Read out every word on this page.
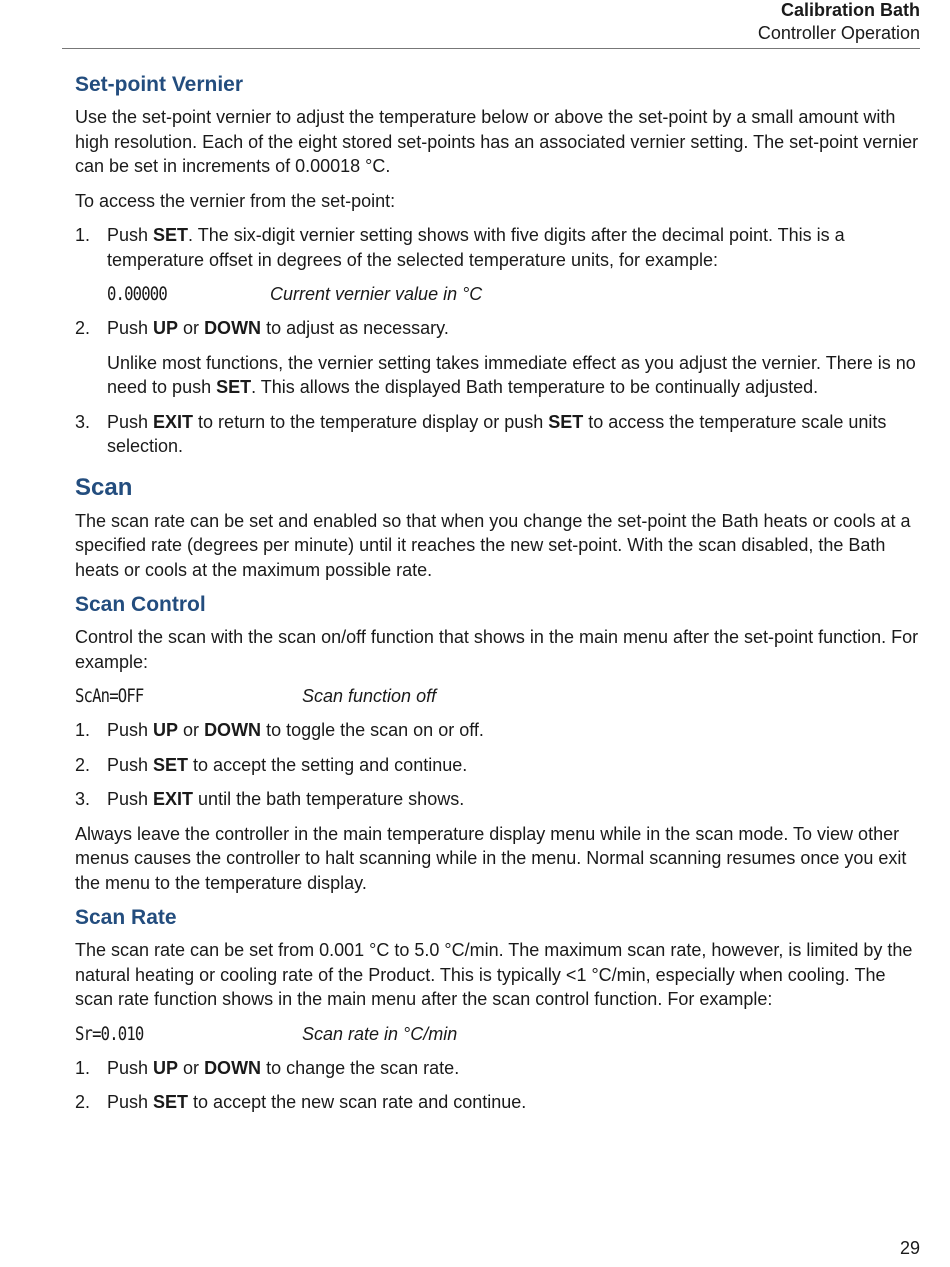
Calibration Bath
Controller Operation
Set-point Vernier

Use the set-point vernier to adjust the temperature below or above the set-point by a small amount with high resolution. Each of the eight stored set-points has an associated vernier setting. The set-point vernier can be set in increments of 0.00018 °C.

To access the vernier from the set-point:

1. Push SET. The six-digit vernier setting shows with five digits after the decimal point. This is a temperature offset in degrees of the selected temperature units, for example:
0.00000	Current vernier value in °C
2. Push UP or DOWN to adjust as necessary.

Unlike most functions, the vernier setting takes immediate effect as you adjust the vernier. There is no need to push SET. This allows the displayed Bath temperature to be continually adjusted.

3. Push EXIT to return to the temperature display or push SET to access the temperature scale units selection.
Scan

The scan rate can be set and enabled so that when you change the set-point the Bath heats or cools at a specified rate (degrees per minute) until it reaches the new set-point. With the scan disabled, the Bath heats or cools at the maximum possible rate.

Scan Control

Control the scan with the scan on/off function that shows in the main menu after the set-point function. For example:

ScAn=OFF	Scan function off
1. Push UP or DOWN to toggle the scan on or off.
2. Push SET to accept the setting and continue.
3. Push EXIT until the bath temperature shows.

Always leave the controller in the main temperature display menu while in the scan mode. To view other menus causes the controller to halt scanning while in the menu. Normal scanning resumes once you exit the menu to the temperature display.

Scan Rate

The scan rate can be set from 0.001 °C to 5.0 °C/min. The maximum scan rate, however, is limited by the natural heating or cooling rate of the Product. This is typically <1 °C/min, especially when cooling. The scan rate function shows in the main menu after the scan control function. For example:

Sr=0.010	Scan rate in °C/min
1. Push UP or DOWN to change the scan rate.
2. Push SET to accept the new scan rate and continue.
29
